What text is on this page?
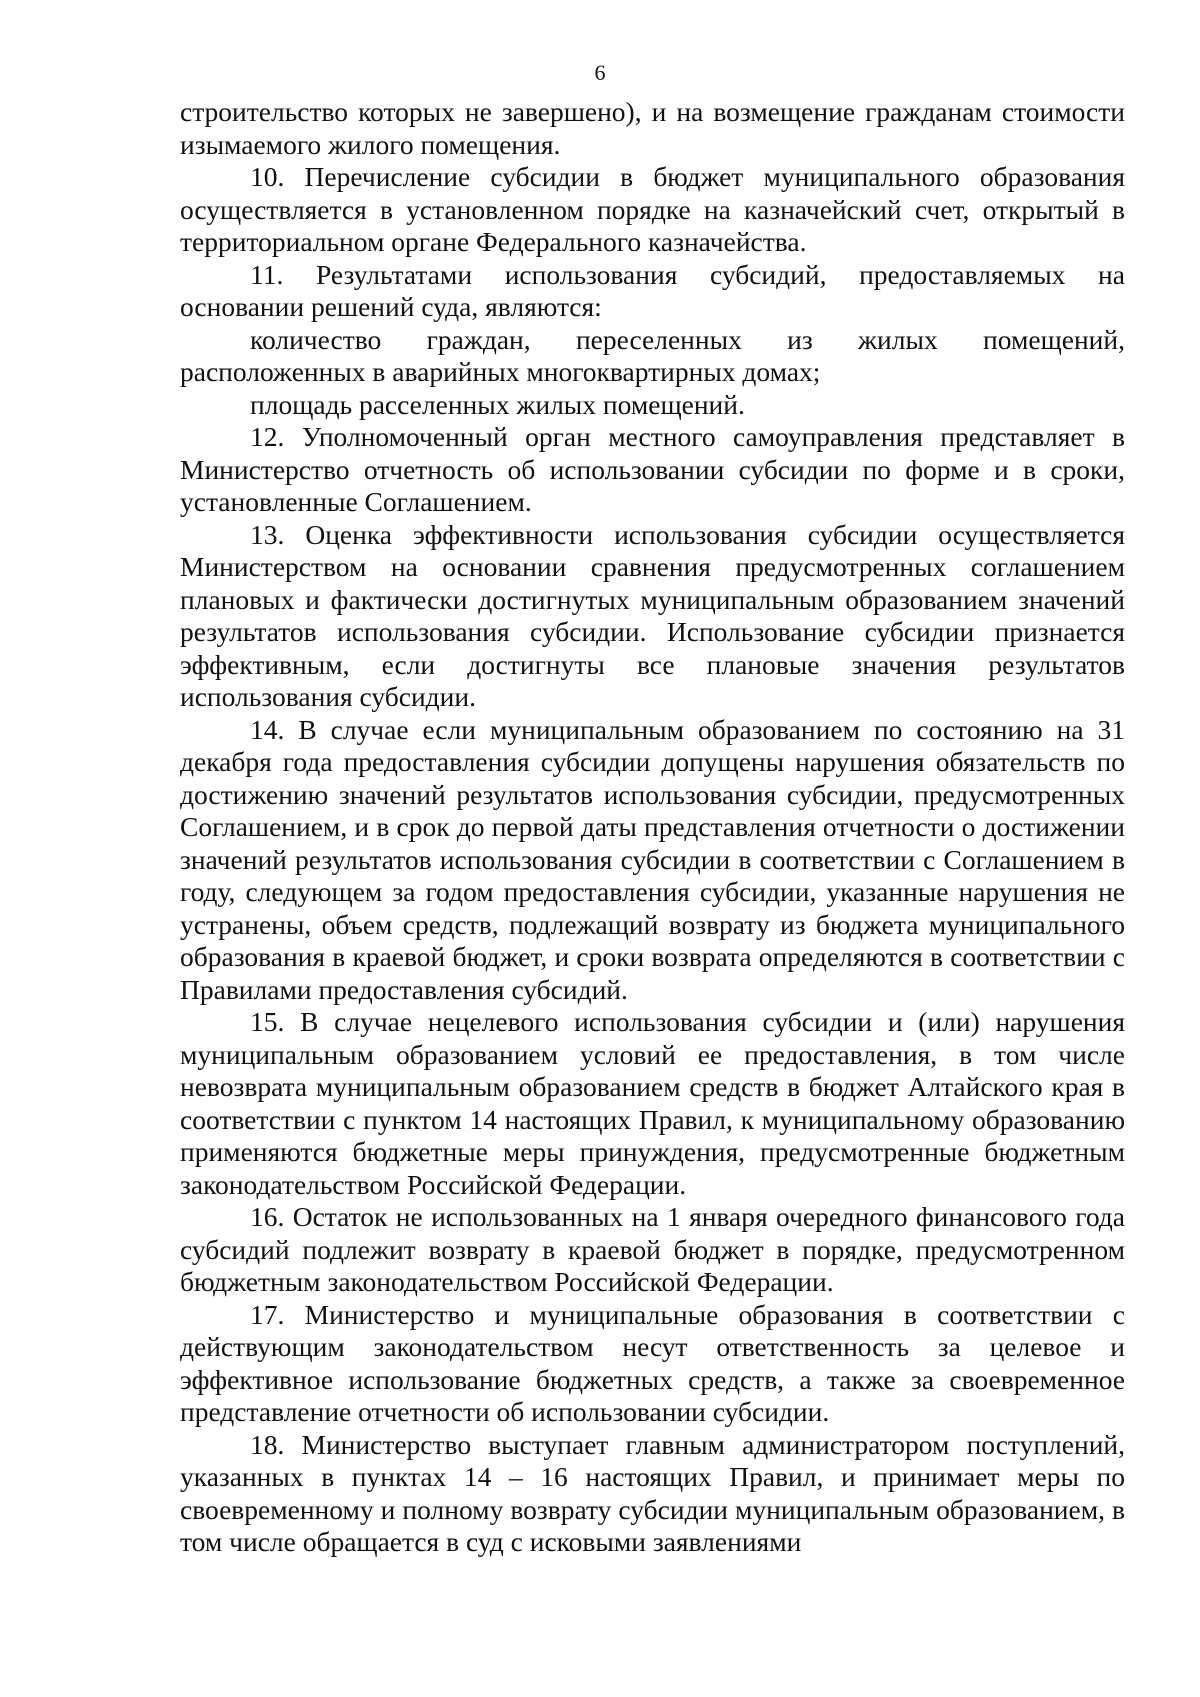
6

строительство которых не завершено), и на возмещение гражданам стоимости изымаемого жилого помещения.

10. Перечисление субсидии в бюджет муниципального образования осуществляется в установленном порядке на казначейский счет, открытый в территориальном органе Федерального казначейства.

11. Результатами использования субсидий, предоставляемых на основании решений суда, являются:

количество граждан, переселенных из жилых помещений, расположенных в аварийных многоквартирных домах;

площадь расселенных жилых помещений.

12. Уполномоченный орган местного самоуправления представляет в Министерство отчетность об использовании субсидии по форме и в сроки, установленные Соглашением.

13. Оценка эффективности использования субсидии осуществляется Министерством на основании сравнения предусмотренных соглашением плановых и фактически достигнутых муниципальным образованием значений результатов использования субсидии. Использование субсидии признается эффективным, если достигнуты все плановые значения результатов использования субсидии.

14. В случае если муниципальным образованием по состоянию на 31 декабря года предоставления субсидии допущены нарушения обязательств по достижению значений результатов использования субсидии, предусмотренных Соглашением, и в срок до первой даты представления отчетности о достижении значений результатов использования субсидии в соответствии с Соглашением в году, следующем за годом предоставления субсидии, указанные нарушения не устранены, объем средств, подлежащий возврату из бюджета муниципального образования в краевой бюджет, и сроки возврата определяются в соответствии с Правилами предоставления субсидий.

15. В случае нецелевого использования субсидии и (или) нарушения муниципальным образованием условий ее предоставления, в том числе невозврата муниципальным образованием средств в бюджет Алтайского края в соответствии с пунктом 14 настоящих Правил, к муниципальному образованию применяются бюджетные меры принуждения, предусмотренные бюджетным законодательством Российской Федерации.

16. Остаток не использованных на 1 января очередного финансового года субсидий подлежит возврату в краевой бюджет в порядке, предусмотренном бюджетным законодательством Российской Федерации.

17. Министерство и муниципальные образования в соответствии с действующим законодательством несут ответственность за целевое и эффективное использование бюджетных средств, а также за своевременное представление отчетности об использовании субсидии.

18. Министерство выступает главным администратором поступлений, указанных в пунктах 14 – 16 настоящих Правил, и принимает меры по своевременному и полному возврату субсидии муниципальным образованием, в том числе обращается в суд с исковыми заявлениями
